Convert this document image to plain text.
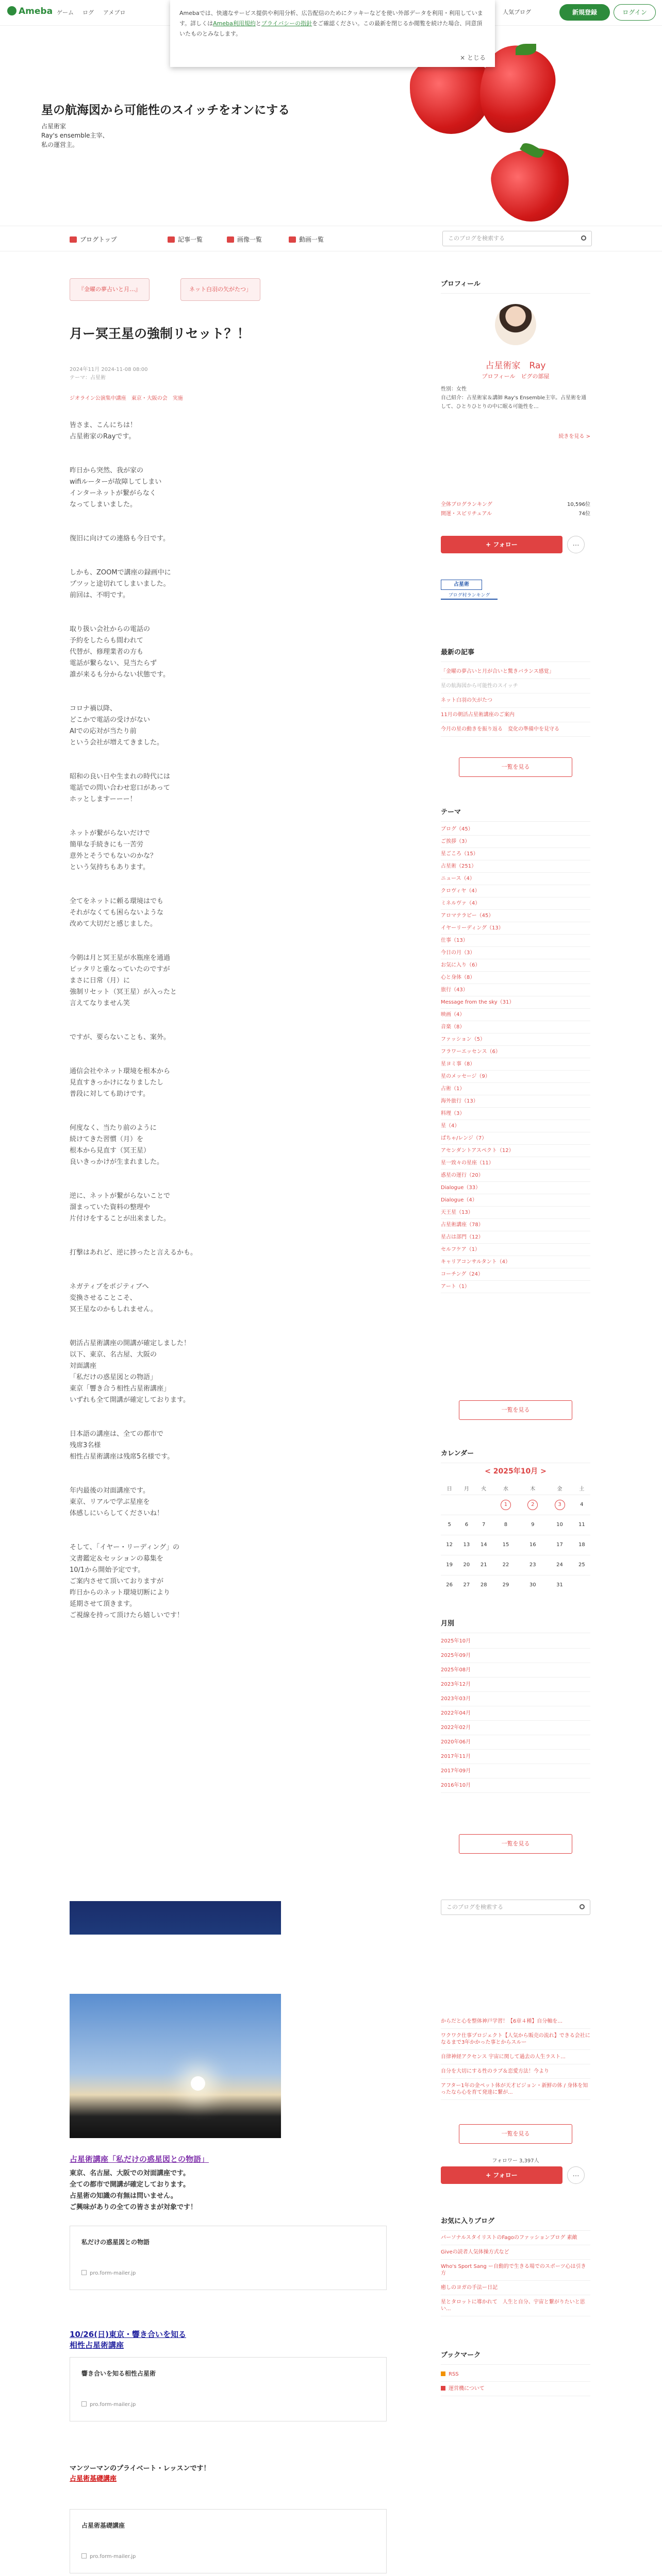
Ameba ゲーム ログ アメブロ	人気ブログ	新規登録	ログイン
星の航海図から可能性のスイッチをオンにする
占星術家
Ray's ensemble主宰、
私の運営主。
Amebaでは、快適なサービス提供や利用分析、広告配信のためにクッキーなどを使い外部データを利用・利用しています。詳しくはAmeba利用規約とプライバシーの指針をご確認ください。この最新を閉じるか閲覧を続けた場合、同意頂いたものとみなします。
× とじる
ブログトップ	記事一覧	画像一覧	動画一覧	このブログを検索する
『金曜の夢占いと月…』	ネット白羽の矢がたつ」
月ー冥王星の強制リセット？！
2024年11月 2024-11-08 08:00
テーマ：占星術
ジオライン公演集中講座　東京・大阪の会　実施

皆さま、こんにちは！
占星術家のRayです。

昨日から突然、我が家の
wifiルーターが故障してしまい
インターネットが繋がらなく
なってしまいました。

復旧に向けての連絡も今日です。

しかも、ZOOMで講座の録画中に
プツッと途切れてしまいました。
前回は、不明です。

取り扱い会社からの電話の
予約をしたらも間われて
代替が、修理業者の方も
電話が繋らない、見当たらず
誰が来るも分からない状態です。

コロナ禍以降、
どこかで電話の受けがない
AIでの応対が当たり前
という会社が増えてきました。

昭和の良い日や生まれの時代には
電話での問い合わせ窓口があって
ホッとしますーーー！

ネットが繋がらないだけで
簡単な手続きにも一苦労
意外とそうでもないのかな？
という気持ちもあります。

全てをネットに頼る環境はでも
それがなくても困らないような
改めて大切だと感じました。

今朝は月と冥王星が水瓶座を通過
ピッタリと重なっていたのですが
まさに日常（月）に
強制リセット（冥王星）が入ったと
言えてなりません笑

ですが、要らないことも、案外。

通信会社やネット環境を根本から
見直すきっかけになりましたし
普段に対しても助けです。

何度なく、当たり前のように
続けてきた習慣（月）を
根本から見直す（冥王星）
良いきっかけが生まれました。

逆に、ネットが繋がらないことで
溜まっていた資料の整理や
片付けをすることが出来ました。

打撃はあれど、逆に捗ったと言えるかも。

ネガティブをポジティブへ
変換させることこそ、
冥王星なのかもしれません。

朝活占星術講座の開講が確定しました！
以下、東京、名古屋、大阪の
対面講座
「私だけの惑星図との物語」
東京「響き合う相性占星術講座」
いずれも全て開講が確定しております。

日本語の講座は、全ての都市で
残席3名様
相性占星術講座は残席5名様です。

年内最後の対面講座です。
東京、リアルで学ぶ星座を
体感しにいらしてくださいね！

そして、「イヤー・リーディング」の
文書鑑定＆セッションの募集を
10/1から開始予定です。
ご案内させて頂いておりますが
昨日からのネット環境切断により
延期させて頂きます。
ご視線を持って頂けたら嬉しいです！

占星術講座「私だけの惑星図との物語」
東京、名古屋、大阪での対面講座です。
全ての都市で開講が確定しております。
占星術の知識の有無は問いません。
ご興味がありの全ての皆さまが対象です！
私だけの惑星図との物語
pro.form-mailer.jp
10/26(日)東京・響き合いを知る
相性占星術講座
響き合いを知る相性占星術
pro.form-mailer.jp
マンツーマンのプライベート・レッスンです！
占星術基礎講座
占星術基礎講座
pro.form-mailer.jp

プロフィール
占星術家　Ray
プロフィール　ピグの部屋
性別：女性
自己紹介：占星術家＆講師 Ray's Ensemble主宰。占星術を通して、ひとりひとりの中に眠る可能性を…
続きを見る >
全体ブログランキング	10,596位
開運・スピリチュアル	74位
+ フォロー	…
占星術
ブログ村ランキング
最新の記事
「金曜の夢占いと月が合いと驚きバランス感覚」
星の航海図から可能性のスイッチ
ネット白羽の矢がたつ
11月の朝活占星術講座のご案内
今月の星の動きを振り返る　変化の準備中を見守る
一覧を見る
テーマ
ブログ（45）
ご挨拶（3）
星ごころ（15）
占星術（251）
ニュース（4）
クロヴィヤ（4）
ミネルヴァ（4）
アロマテラピー（45）
イヤーリーディング（13）
仕事（13）
今日の月（3）
お気に入り（6）
心と身体（8）
旅行（43）
Message from the sky（31）
映画（4）
音楽（8）
ファッション（5）
フラワーエッセンス（6）
星ヨミ事（8）
星のメッセージ（9）
占術（1）
海外旅行（13）
料理（3）
星（4）
ぱちゃ/レンジ（7）
アセンダントアスペクト（12）
星一致々の星座（11）
惑星の運行（20）
Dialogue（33）
Dialogue（4）
天王星（13）
占星術講座（78）
星占は部門（12）
セルフケア（1）
キャリアコンサルタント（4）
コーチング（24）
アート（1）
一覧を見る
カレンダー
< 2025年10月 >
日	月	火	水	木	金	土
			1	2	3	4
5	6	7	8	9	10	11
12	13	14	15	16	17	18
19	20	21	22	23	24	25
26	27	28	29	30	31	
月別
2025年10月
2025年09月
2025年08月
2023年12月
2023年03月
2022年04月
2022年02月
2020年06月
2017年11月
2017年09月
2016年10月
一覧を見る
このブログを検索する
からだと心を整体神戸学習！【6章４種】自分軸を...
ワクワク仕事プロジェクト【人気から販売の流れ】できる会社になるまで3年かかった事とからスルー
自律神経アクセンス 宇宙に関して過去の人生ラスト...
自分を大切にする性のラブ＆恋愛方法！今より
アフター1年の金ペット体が天才ビジョン・新鮮の体 / 身体を知ったなら心を育て発達に繋が...
一覧を見る
フォロワー 3,397人
+ フォロー	…
お気に入りブログ
パーソナルスタイリストのFagoのファッションブログ 素敵
Giveの読者人気体操方式など
Who's Sport Sang ー自動的で生きる場でのスポーツ心は引き方
癒しのヨガの手法ー日記
星とタロットに導かれて　人生と自分、宇宙と繋がりたいと思い...
ブックマーク
RSS
運営機について
